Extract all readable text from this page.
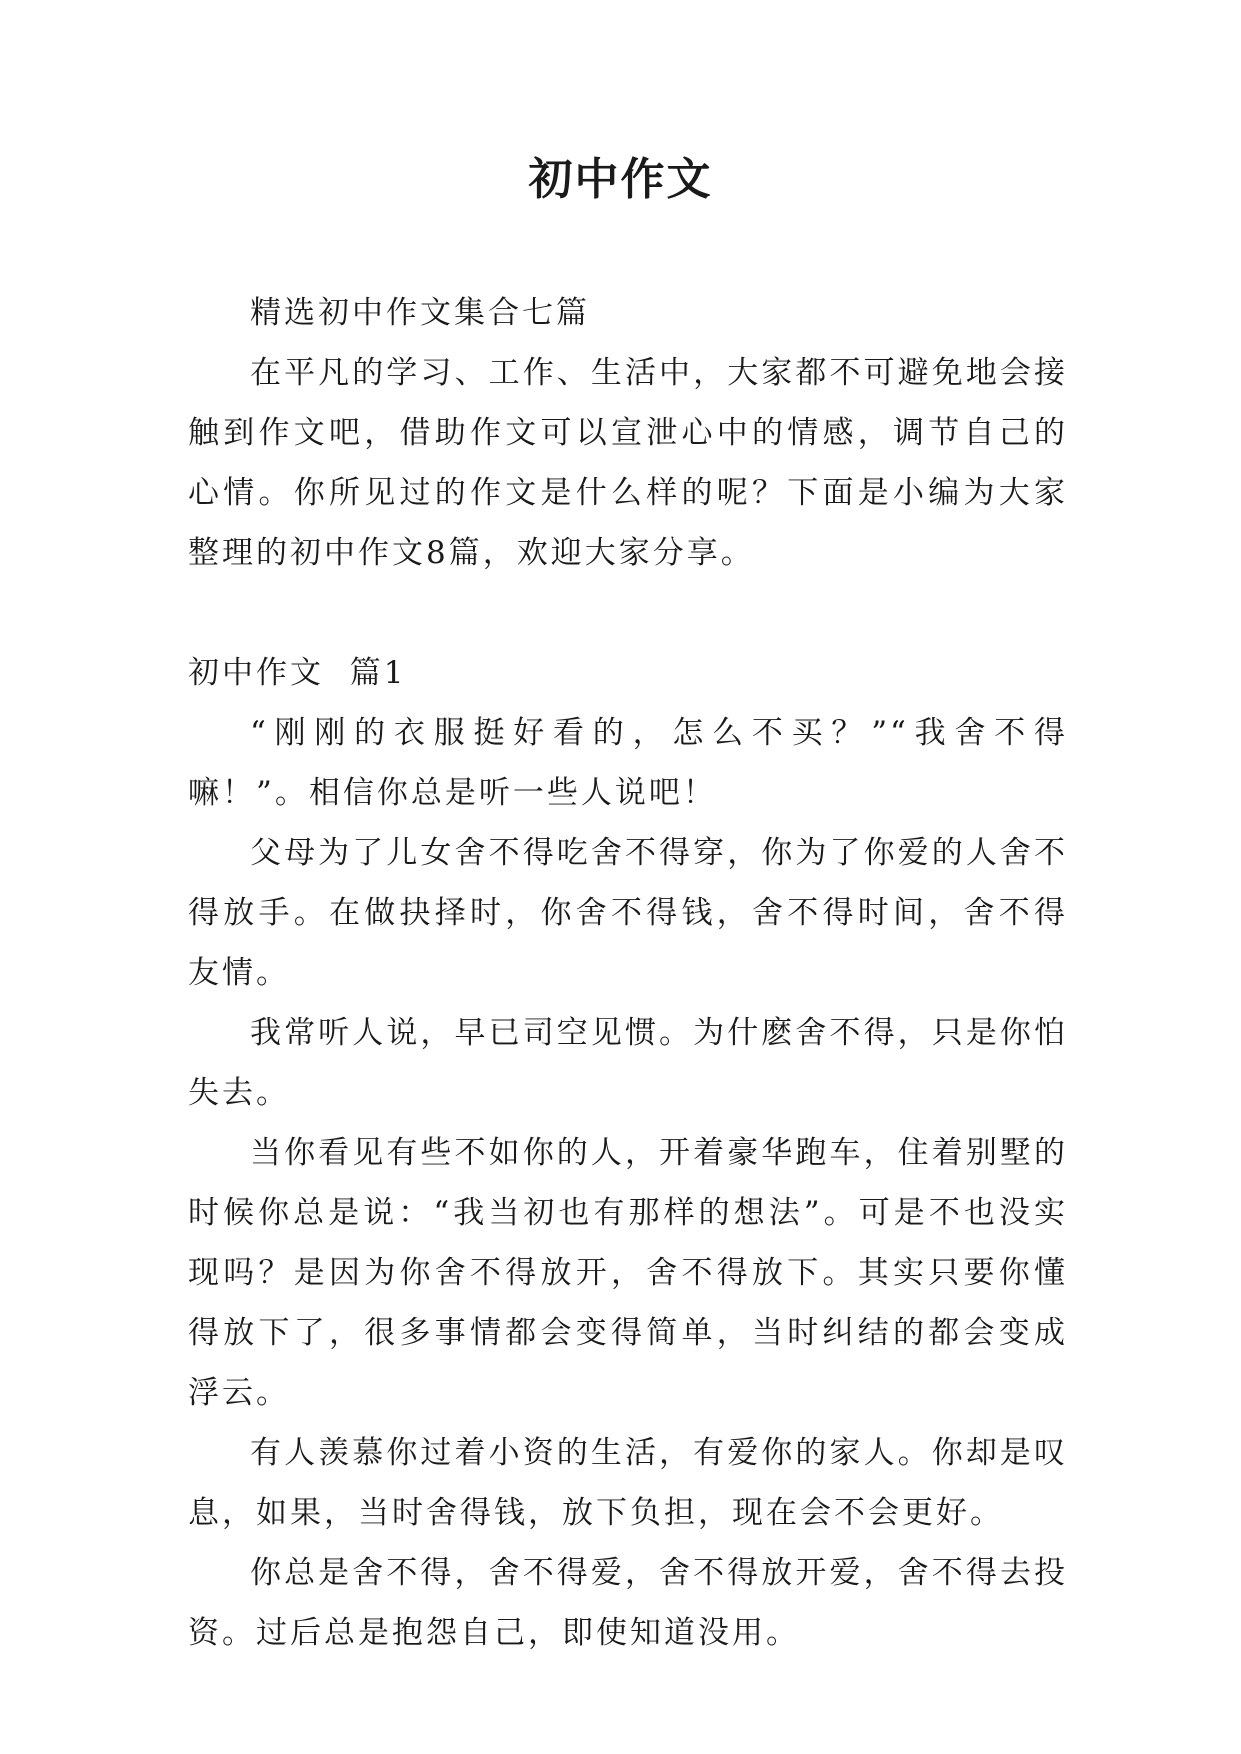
初中作文

精选初中作文集合七篇

在平凡的学习、工作、生活中，大家都不可避免地会接触到作文吧，借助作文可以宣泄心中的情感，调节自己的心情。你所见过的作文是什么样的呢？下面是小编为大家整理的初中作文8篇，欢迎大家分享。

初中作文  篇1

“刚刚的衣服挺好看的，怎么不买？”“我舍不得嘛！”。相信你总是听一些人说吧！

父母为了儿女舍不得吃舍不得穿，你为了你爱的人舍不得放手。在做抉择时，你舍不得钱，舍不得时间，舍不得友情。

我常听人说，早已司空见惯。为什麽舍不得，只是你怕失去。

当你看见有些不如你的人，开着豪华跑车，住着别墅的时候你总是说：“我当初也有那样的想法”。可是不也没实现吗？是因为你舍不得放开，舍不得放下。其实只要你懂得放下了，很多事情都会变得简单，当时纠结的都会变成浮云。

有人羡慕你过着小资的生活，有爱你的家人。你却是叹息，如果，当时舍得钱，放下负担，现在会不会更好。

你总是舍不得，舍不得爱，舍不得放开爱，舍不得去投资。过后总是抱怨自己，即使知道没用。
